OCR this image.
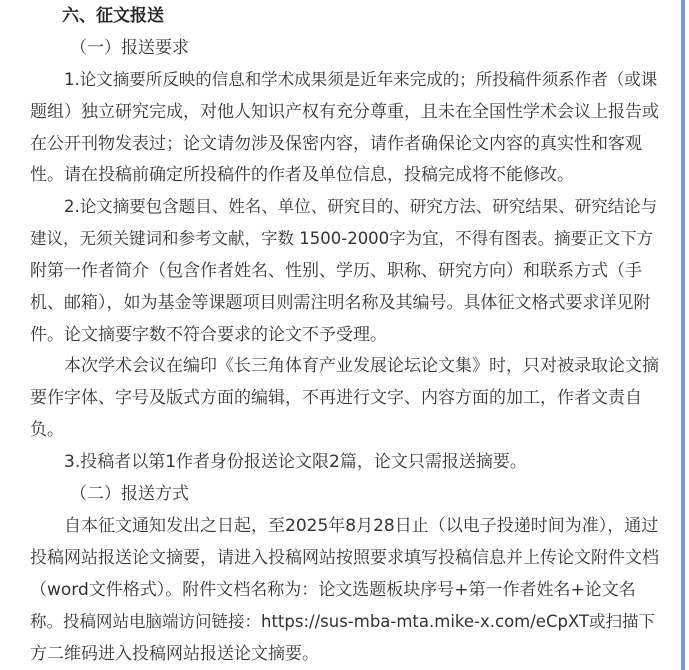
六、征文报送
（一）报送要求
1.论文摘要所反映的信息和学术成果须是近年来完成的；所投稿件须系作者（或课
题组）独立研究完成，对他人知识产权有充分尊重，且未在全国性学术会议上报告或
在公开刊物发表过；论文请勿涉及保密内容，请作者确保论文内容的真实性和客观
性。请在投稿前确定所投稿件的作者及单位信息，投稿完成将不能修改。
2.论文摘要包含题目、姓名、单位、研究目的、研究方法、研究结果、研究结论与
建议，无须关键词和参考文献，字数 1500-2000字为宜，不得有图表。摘要正文下方
附第一作者简介（包含作者姓名、性别、学历、职称、研究方向）和联系方式（手
机、邮箱），如为基金等课题项目则需注明名称及其编号。具体征文格式要求详见附
件。论文摘要字数不符合要求的论文不予受理。
本次学术会议在编印《长三角体育产业发展论坛论文集》时，只对被录取论文摘
要作字体、字号及版式方面的编辑，不再进行文字、内容方面的加工，作者文责自
负。
3.投稿者以第1作者身份报送论文限2篇，论文只需报送摘要。
（二）报送方式
自本征文通知发出之日起，至2025年8月28日止（以电子投递时间为准），通过
投稿网站报送论文摘要，请进入投稿网站按照要求填写投稿信息并上传论文附件文档
（word文件格式）。附件文档名称为：论文选题板块序号+第一作者姓名+论文名
称。投稿网站电脑端访问链接：https://sus-mba-mta.mike-x.com/eCpXT或扫描下
方二维码进入投稿网站报送论文摘要。
